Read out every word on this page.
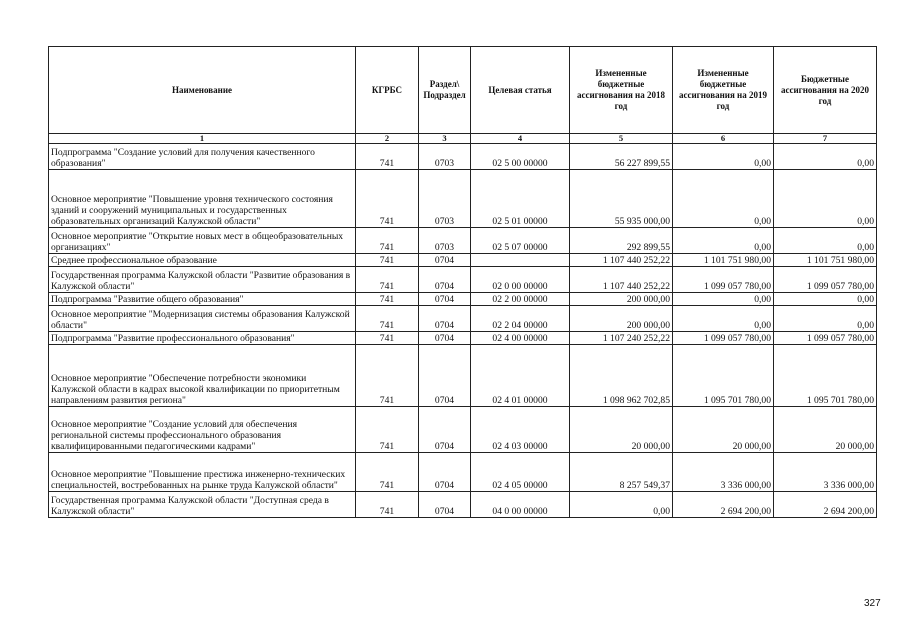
Наименование	КГРБС	Раздел\ Подраздел	Целевая статья	Измененные бюджетные ассигнования на 2018 год	Измененные бюджетные ассигнования на 2019 год	Бюджетные ассигнования на 2020 год
1	2	3	4	5	6	7
Подпрограмма "Создание условий для получения качественного образования"	741	0703	02 5 00 00000	56 227 899,55	0,00	0,00
Основное мероприятие "Повышение уровня технического состояния зданий и сооружений муниципальных и государственных образовательных организаций Калужской области"	741	0703	02 5 01 00000	55 935 000,00	0,00	0,00
Основное мероприятие "Открытие новых мест в общеобразовательных организациях"	741	0703	02 5 07 00000	292 899,55	0,00	0,00
Среднее профессиональное образование	741	0704		1 107 440 252,22	1 101 751 980,00	1 101 751 980,00
Государственная программа Калужской области "Развитие образования в Калужской области"	741	0704	02 0 00 00000	1 107 440 252,22	1 099 057 780,00	1 099 057 780,00
Подпрограмма "Развитие общего образования"	741	0704	02 2 00 00000	200 000,00	0,00	0,00
Основное мероприятие "Модернизация системы образования Калужской области"	741	0704	02 2 04 00000	200 000,00	0,00	0,00
Подпрограмма "Развитие профессионального образования"	741	0704	02 4 00 00000	1 107 240 252,22	1 099 057 780,00	1 099 057 780,00
Основное мероприятие "Обеспечение потребности экономики Калужской области в кадрах высокой квалификации по приоритетным направлениям развития региона"	741	0704	02 4 01 00000	1 098 962 702,85	1 095 701 780,00	1 095 701 780,00
Основное мероприятие "Создание условий для обеспечения региональной системы профессионального образования квалифицированными педагогическими кадрами"	741	0704	02 4 03 00000	20 000,00	20 000,00	20 000,00
Основное мероприятие "Повышение престижа инженерно-технических специальностей, востребованных на рынке труда Калужской области"	741	0704	02 4 05 00000	8 257 549,37	3 336 000,00	3 336 000,00
Государственная программа Калужской области "Доступная среда в Калужской области"	741	0704	04 0 00 00000	0,00	2 694 200,00	2 694 200,00
327
